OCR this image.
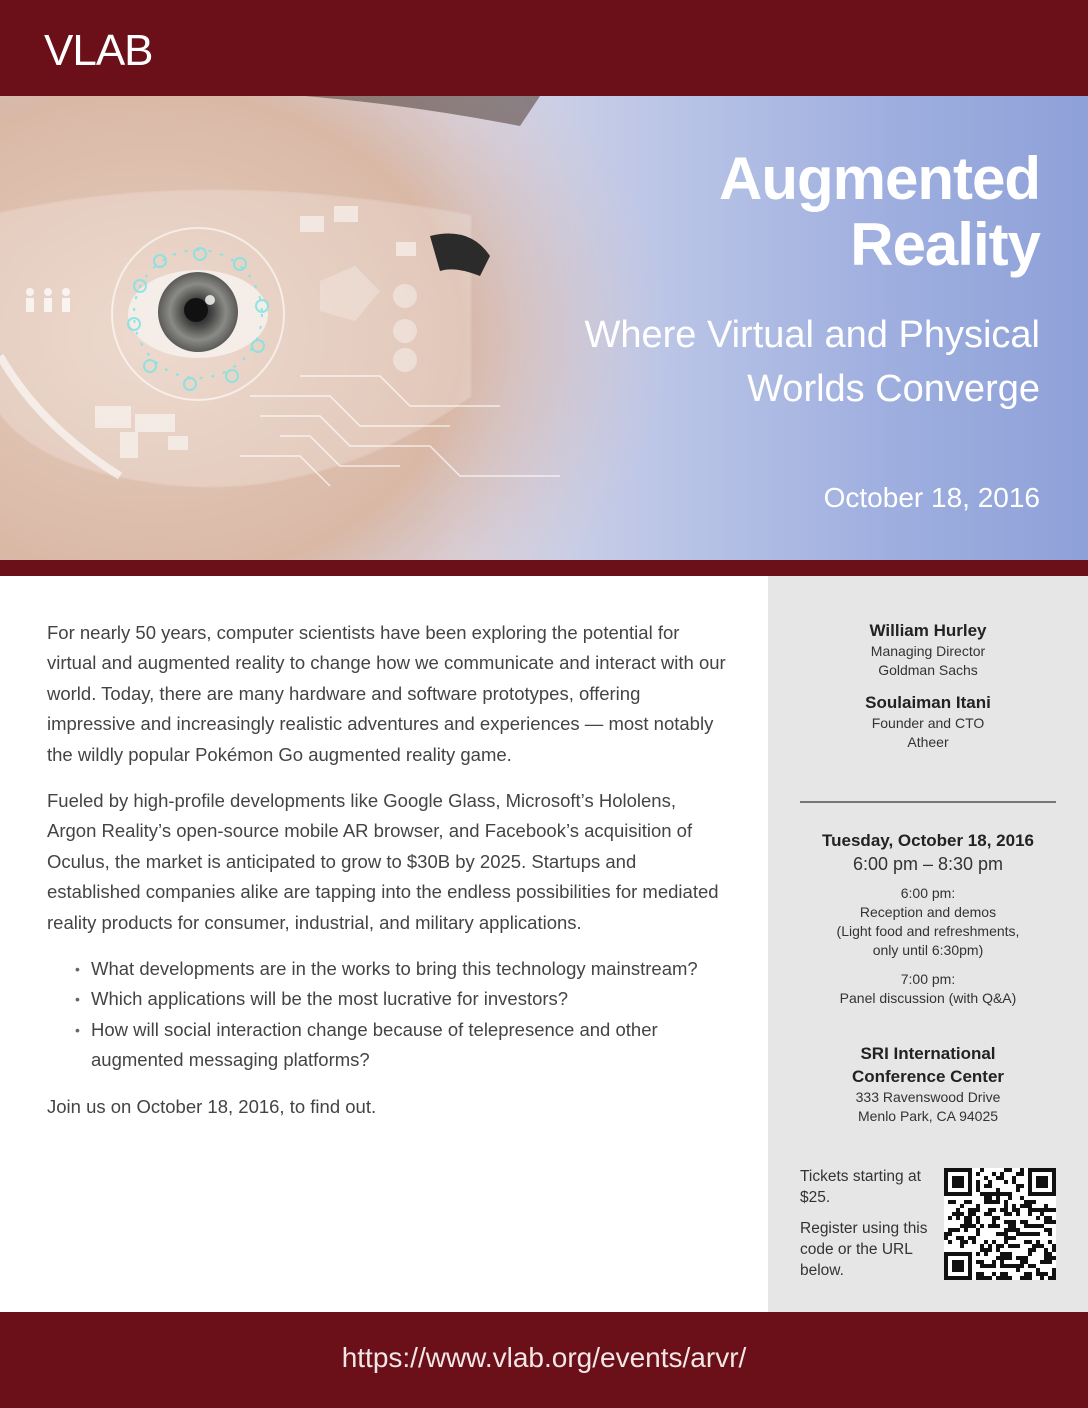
VLAB
Augmented
Reality
Where Virtual and Physical Worlds Converge
October 18, 2016

For nearly 50 years, computer scientists have been exploring the potential for virtual and augmented reality to change how we communicate and interact with our world. Today, there are many hardware and software prototypes, offering impressive and increasingly realistic adventures and experiences — most notably the wildly popular Pokémon Go augmented reality game.

Fueled by high-profile developments like Google Glass, Microsoft’s Hololens, Argon Reality’s open-source mobile AR browser, and Facebook’s acquisition of Oculus, the market is anticipated to grow to $30B by 2025. Startups and established companies alike are tapping into the endless possibilities for mediated reality products for consumer, industrial, and military applications.

• What developments are in the works to bring this technology mainstream?
• Which applications will be the most lucrative for investors?
• How will social interaction change because of telepresence and other augmented messaging platforms?

Join us on October 18, 2016, to find out.

William Hurley
Managing Director
Goldman Sachs
Soulaiman Itani
Founder and CTO
Atheer
Tuesday, October 18, 2016
6:00 pm – 8:30 pm
6:00 pm:
Reception and demos
(Light food and refreshments,
only until 6:30pm)
7:00 pm:
Panel discussion (with Q&A)
SRI International
Conference Center
333 Ravenswood Drive
Menlo Park, CA 94025
Tickets starting at $25.
Register using this code or the URL below.
https://www.vlab.org/events/arvr/
